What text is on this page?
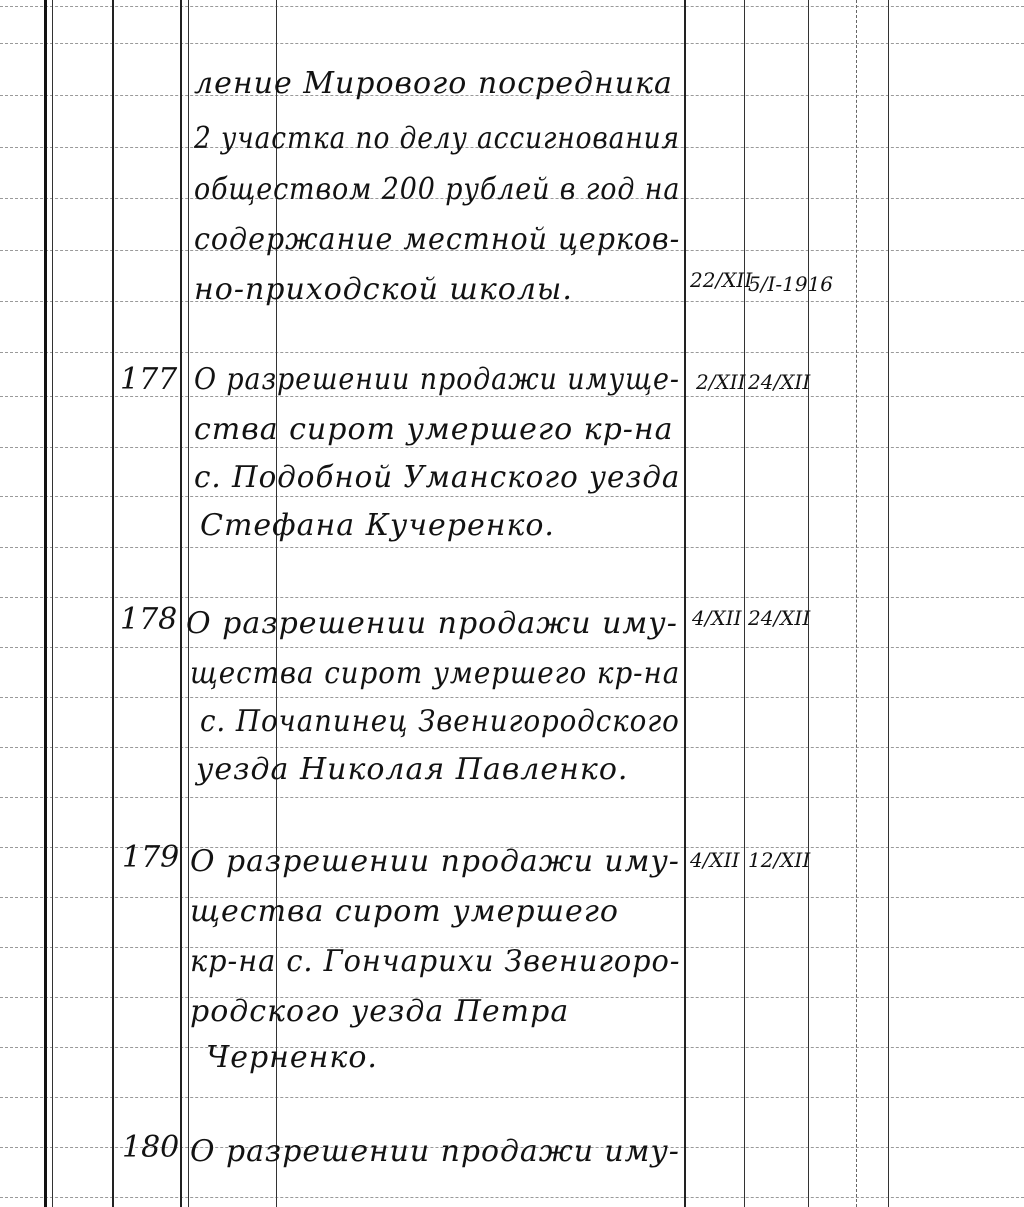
ление Мирового посредника
2 участка по делу ассигнования
обществом 200 рублей в год на
содержание местной церков-
но-приходской школы.	22/XII
5/I-1916
177 О разрешении продажи имуще-
ства сирот умершего кр-на
с. Подобной Уманского уезда
Стефана Кучеренко.
2/XII 24/XII
178 О разрешении продажи иму-
щества сирот умершего кр-на
с. Почапинец Звенигородского
уезда Николая Павленко.
4/XII 24/XII
179 О разрешении продажи иму-
щества сирот умершего
кр-на с. Гончарихи Звенигоро-
родского уезда Петра
Черненко.
4/XII 12/XII
180 О разрешении продажи иму-
